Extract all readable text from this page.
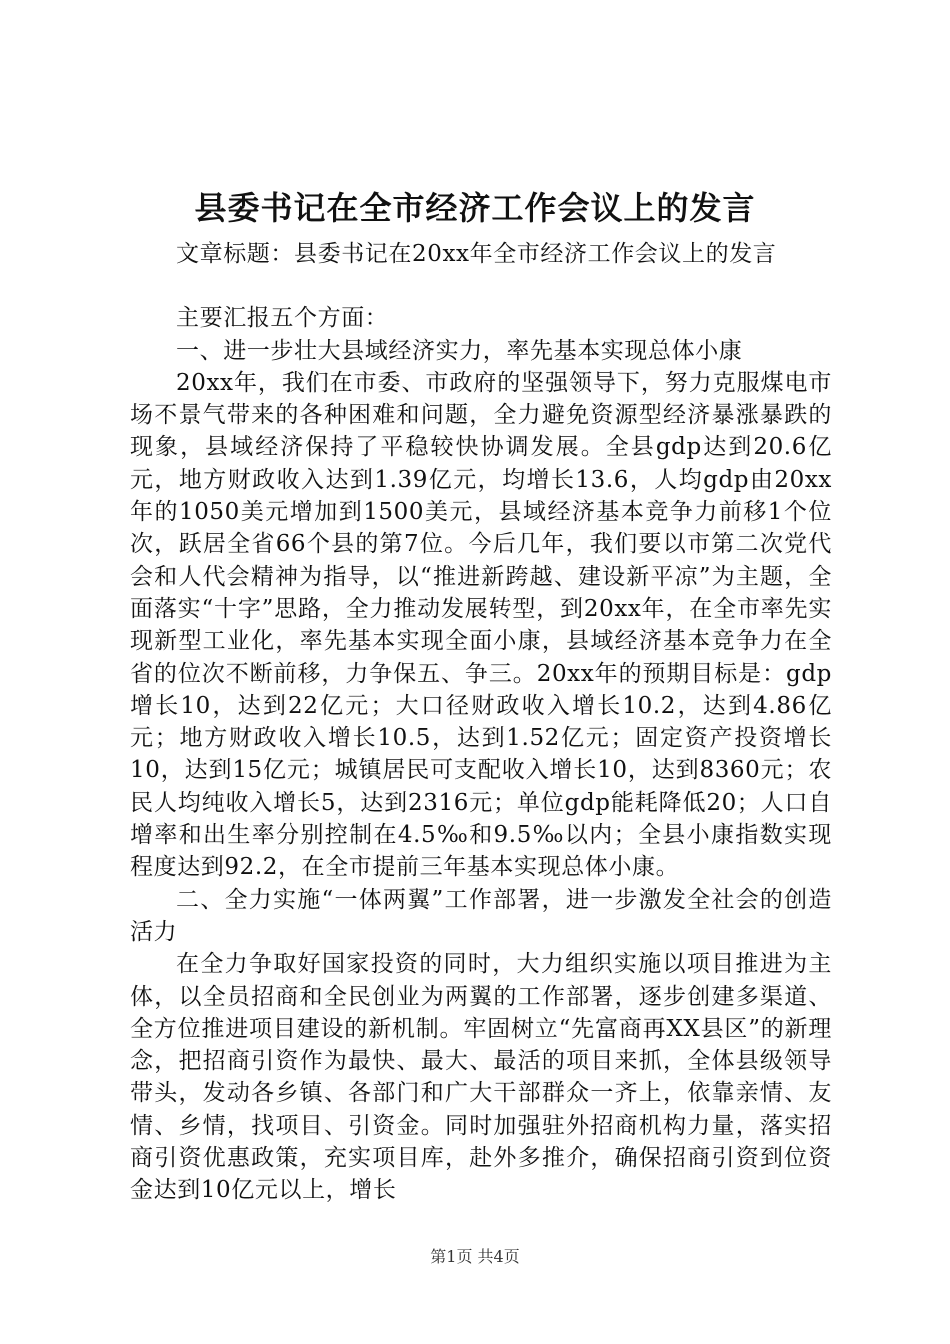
县委书记在全市经济工作会议上的发言

文章标题：县委书记在20xx年全市经济工作会议上的发言

主要汇报五个方面：

一、进一步壮大县域经济实力，率先基本实现总体小康

20xx年，我们在市委、市政府的坚强领导下，努力克服煤电市场不景气带来的各种困难和问题，全力避免资源型经济暴涨暴跌的现象，县域经济保持了平稳较快协调发展。全县gdp达到20.6亿元，地方财政收入达到1.39亿元，均增长13.6，人均gdp由20xx年的1050美元增加到1500美元，县域经济基本竞争力前移1个位次，跃居全省66个县的第7位。今后几年，我们要以市第二次党代会和人代会精神为指导，以“推进新跨越、建设新平凉”为主题，全面落实“十字”思路，全力推动发展转型，到20xx年，在全市率先实现新型工业化，率先基本实现全面小康，县域经济基本竞争力在全省的位次不断前移，力争保五、争三。20xx年的预期目标是：gdp增长10，达到22亿元；大口径财政收入增长10.2，达到4.86亿元；地方财政收入增长10.5，达到1.52亿元；固定资产投资增长10，达到15亿元；城镇居民可支配收入增长10，达到8360元；农民人均纯收入增长5，达到2316元；单位gdp能耗降低20；人口自增率和出生率分别控制在4.5‰和9.5‰以内；全县小康指数实现程度达到92.2，在全市提前三年基本实现总体小康。

二、全力实施“一体两翼”工作部署，进一步激发全社会的创造活力

在全力争取好国家投资的同时，大力组织实施以项目推进为主体，以全员招商和全民创业为两翼的工作部署，逐步创建多渠道、全方位推进项目建设的新机制。牢固树立“先富商再XX县区”的新理念，把招商引资作为最快、最大、最活的项目来抓，全体县级领导带头，发动各乡镇、各部门和广大干部群众一齐上，依靠亲情、友情、乡情，找项目、引资金。同时加强驻外招商机构力量，落实招商引资优惠政策，充实项目库，赴外多推介，确保招商引资到位资金达到10亿元以上，增长

第1页 共4页
